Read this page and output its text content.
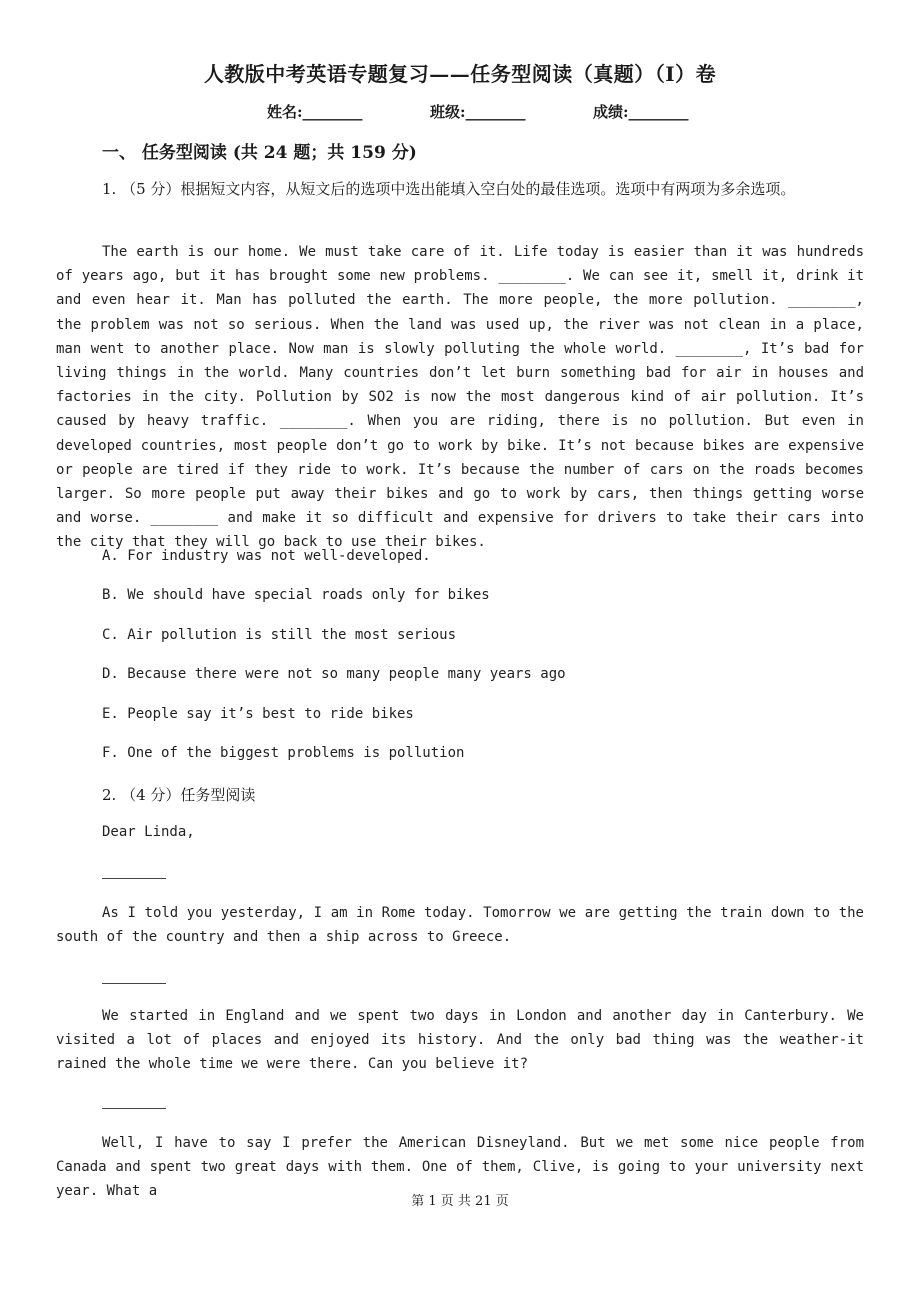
人教版中考英语专题复习——任务型阅读（真题）（I）卷
姓名:________	班级:________	成绩:________
一、 任务型阅读 (共 24 题；共 159 分)
1. （5 分）根据短文内容，从短文后的选项中选出能填入空白处的最佳选项。选项中有两项为多余选项。

The earth is our home. We must take care of it. Life today is easier than it was hundreds of years ago, but it has brought some new problems. ________. We can see it, smell it, drink it and even hear it. Man has polluted the earth. The more people, the more pollution. ________, the problem was not so serious. When the land was used up, the river was not clean in a place, man went to another place. Now man is slowly polluting the whole world. ________, It’s bad for living things in the world. Many countries don’t let burn something bad for air in houses and factories in the city. Pollution by SO2 is now the most dangerous kind of air pollution. It’s caused by heavy traffic. ________. When you are riding, there is no pollution. But even in developed countries, most people don’t go to work by bike. It’s not because bikes are expensive or people are tired if they ride to work. It’s because the number of cars on the roads becomes larger. So more people put away their bikes and go to work by cars, then things getting worse and worse. ________ and make it so difficult and expensive for drivers to take their cars into the city that they will go back to use their bikes.

A. For industry was not well-developed.
B. We should have special roads only for bikes
C. Air pollution is still the most serious
D. Because there were not so many people many years ago
E. People say it’s best to ride bikes
F. One of the biggest problems is pollution
2. （4 分）任务型阅读
Dear Linda,

As I told you yesterday, I am in Rome today. Tomorrow we are getting the train down to the south of the country and then a ship across to Greece.

We started in England and we spent two days in London and another day in Canterbury. We visited a lot of places and enjoyed its history. And the only bad thing was the weather-it rained the whole time we were there. Can you believe it?

Well, I have to say I prefer the American Disneyland. But we met some nice people from Canada and spent two great days with them. One of them, Clive, is going to your university next year. What a

第 1 页 共 21 页
